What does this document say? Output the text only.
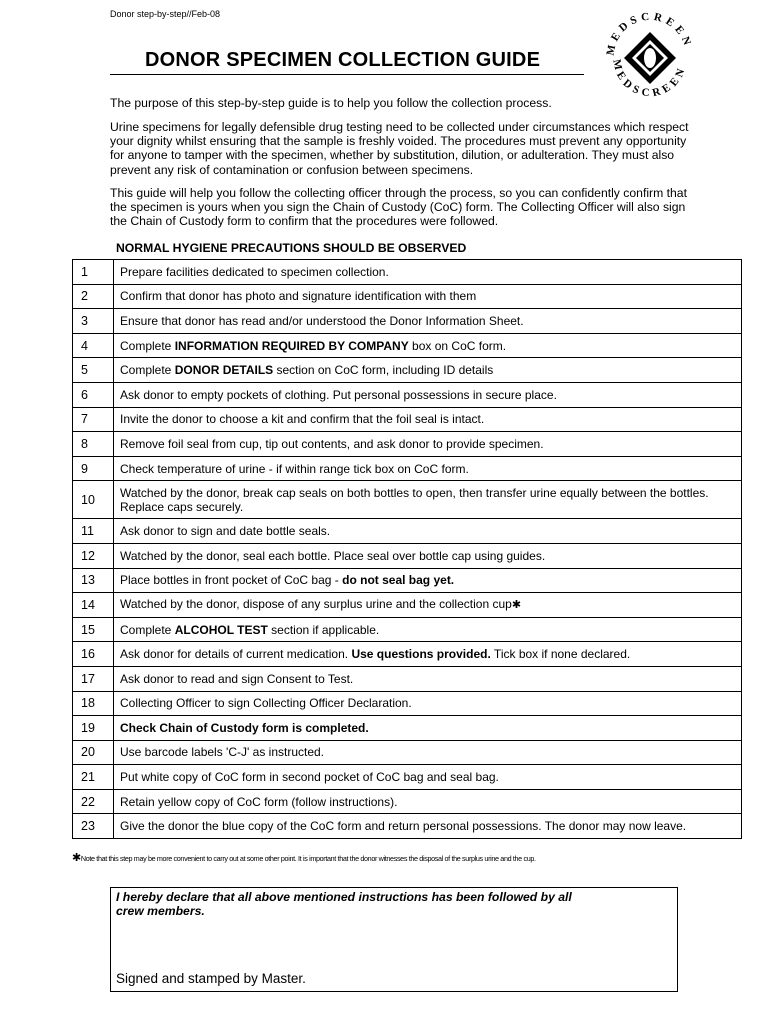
Donor step-by-step//Feb-08
MEDSCREEN
MEDSCREEN
DONOR SPECIMEN COLLECTION GUIDE
The purpose of this step-by-step guide is to help you follow the collection process.
Urine specimens for legally defensible drug testing need to be collected under circumstances which respect your dignity whilst ensuring that the sample is freshly voided. The procedures must prevent any opportunity for anyone to tamper with the specimen, whether by substitution, dilution, or adulteration. They must also prevent any risk of contamination or confusion between specimens.
This guide will help you follow the collecting officer through the process, so you can confidently confirm that the specimen is yours when you sign the Chain of Custody (CoC) form. The Collecting Officer will also sign the Chain of Custody form to confirm that the procedures were followed.
NORMAL HYGIENE PRECAUTIONS SHOULD BE OBSERVED
1	Prepare facilities dedicated to specimen collection.
2	Confirm that donor has photo and signature identification with them
3	Ensure that donor has read and/or understood the Donor Information Sheet.
4	Complete INFORMATION REQUIRED BY COMPANY box on CoC form.
5	Complete DONOR DETAILS section on CoC form, including ID details
6	Ask donor to empty pockets of clothing. Put personal possessions in secure place.
7	Invite the donor to choose a kit and confirm that the foil seal is intact.
8	Remove foil seal from cup, tip out contents, and ask donor to provide specimen.
9	Check temperature of urine - if within range tick box on CoC form.
10	Watched by the donor, break cap seals on both bottles to open, then transfer urine equally between the bottles. Replace caps securely.
11	Ask donor to sign and date bottle seals.
12	Watched by the donor, seal each bottle. Place seal over bottle cap using guides.
13	Place bottles in front pocket of CoC bag - do not seal bag yet.
14	Watched by the donor, dispose of any surplus urine and the collection cup✱
15	Complete ALCOHOL TEST section if applicable.
16	Ask donor for details of current medication. Use questions provided. Tick box if none declared.
17	Ask donor to read and sign Consent to Test.
18	Collecting Officer to sign Collecting Officer Declaration.
19	Check Chain of Custody form is completed.
20	Use barcode labels 'C-J' as instructed.
21	Put white copy of CoC form in second pocket of CoC bag and seal bag.
22	Retain yellow copy of CoC form (follow instructions).
23	Give the donor the blue copy of the CoC form and return personal possessions. The donor may now leave.
✱Note that this step may be more convenient to carry out at some other point. It is important that the donor witnesses the disposal of the surplus urine and the cup.
I hereby declare that all above mentioned instructions has been followed by all crew members.
Signed and stamped by Master.
